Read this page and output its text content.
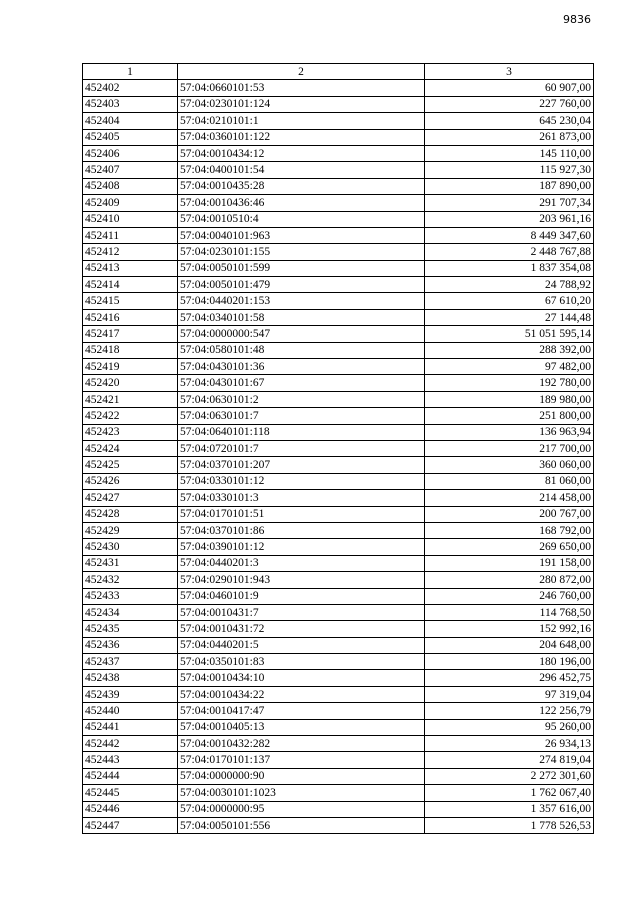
9836
1	2	3
452402	57:04:0660101:53	60 907,00
452403	57:04:0230101:124	227 760,00
452404	57:04:0210101:1	645 230,04
452405	57:04:0360101:122	261 873,00
452406	57:04:0010434:12	145 110,00
452407	57:04:0400101:54	115 927,30
452408	57:04:0010435:28	187 890,00
452409	57:04:0010436:46	291 707,34
452410	57:04:0010510:4	203 961,16
452411	57:04:0040101:963	8 449 347,60
452412	57:04:0230101:155	2 448 767,88
452413	57:04:0050101:599	1 837 354,08
452414	57:04:0050101:479	24 788,92
452415	57:04:0440201:153	67 610,20
452416	57:04:0340101:58	27 144,48
452417	57:04:0000000:547	51 051 595,14
452418	57:04:0580101:48	288 392,00
452419	57:04:0430101:36	97 482,00
452420	57:04:0430101:67	192 780,00
452421	57:04:0630101:2	189 980,00
452422	57:04:0630101:7	251 800,00
452423	57:04:0640101:118	136 963,94
452424	57:04:0720101:7	217 700,00
452425	57:04:0370101:207	360 060,00
452426	57:04:0330101:12	81 060,00
452427	57:04:0330101:3	214 458,00
452428	57:04:0170101:51	200 767,00
452429	57:04:0370101:86	168 792,00
452430	57:04:0390101:12	269 650,00
452431	57:04:0440201:3	191 158,00
452432	57:04:0290101:943	280 872,00
452433	57:04:0460101:9	246 760,00
452434	57:04:0010431:7	114 768,50
452435	57:04:0010431:72	152 992,16
452436	57:04:0440201:5	204 648,00
452437	57:04:0350101:83	180 196,00
452438	57:04:0010434:10	296 452,75
452439	57:04:0010434:22	97 319,04
452440	57:04:0010417:47	122 256,79
452441	57:04:0010405:13	95 260,00
452442	57:04:0010432:282	26 934,13
452443	57:04:0170101:137	274 819,04
452444	57:04:0000000:90	2 272 301,60
452445	57:04:0030101:1023	1 762 067,40
452446	57:04:0000000:95	1 357 616,00
452447	57:04:0050101:556	1 778 526,53
